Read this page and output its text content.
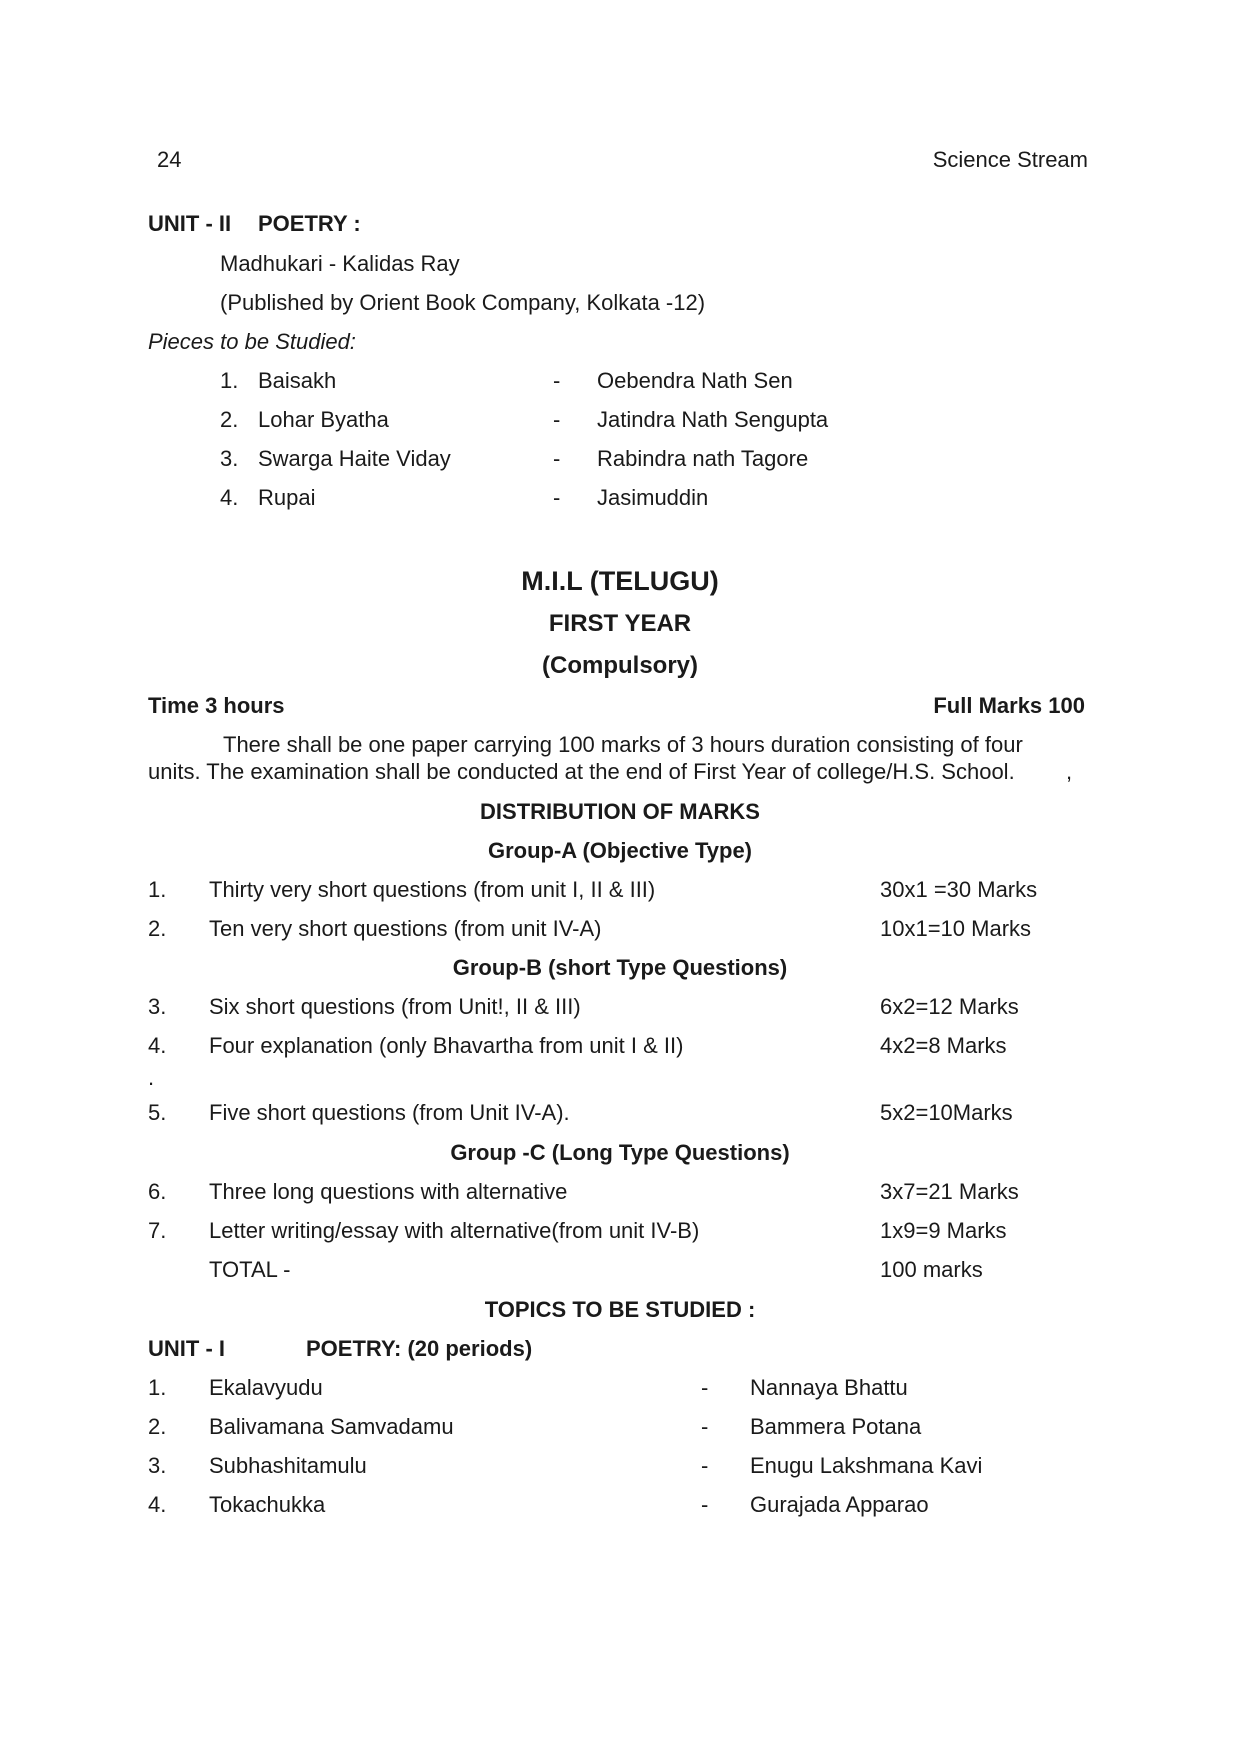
24	Science Stream
UNIT - II POETRY :
Madhukari - Kalidas Ray
(Published by Orient Book Company, Kolkata -12)
Pieces to be Studied:
1. Baisakh	- Oebendra Nath Sen
2. Lohar Byatha	- Jatindra Nath Sengupta
3. Swarga Haite Viday	- Rabindra nath Tagore
4. Rupai	- Jasimuddin
M.I.L (TELUGU)
FIRST YEAR
(Compulsory)
Time 3 hours	Full Marks 100
There shall be one paper carrying 100 marks of 3 hours duration consisting of four
units. The examination shall be conducted at the end of First Year of college/H.S. School. ,
DISTRIBUTION OF MARKS
Group-A (Objective Type)
1. Thirty very short questions (from unit I, II & III)	30x1 =30 Marks
2. Ten very short questions (from unit IV-A)	10x1=10 Marks
Group-B (short Type Questions)
3. Six short questions (from Unit!, II & III)	6x2=12 Marks
4. Four explanation (only Bhavartha from unit I & II)	4x2=8 Marks
.
5. Five short questions (from Unit IV-A).	5x2=10Marks
Group -C (Long Type Questions)
6. Three long questions with alternative	3x7=21 Marks
7. Letter writing/essay with alternative(from unit IV-B)	1x9=9 Marks
TOTAL -	100 marks
TOPICS TO BE STUDIED :
UNIT - I	POETRY: (20 periods)
1. Ekalavyudu	- Nannaya Bhattu
2. Balivamana Samvadamu	- Bammera Potana
3. Subhashitamulu	- Enugu Lakshmana Kavi
4. Tokachukka	- Gurajada Apparao
